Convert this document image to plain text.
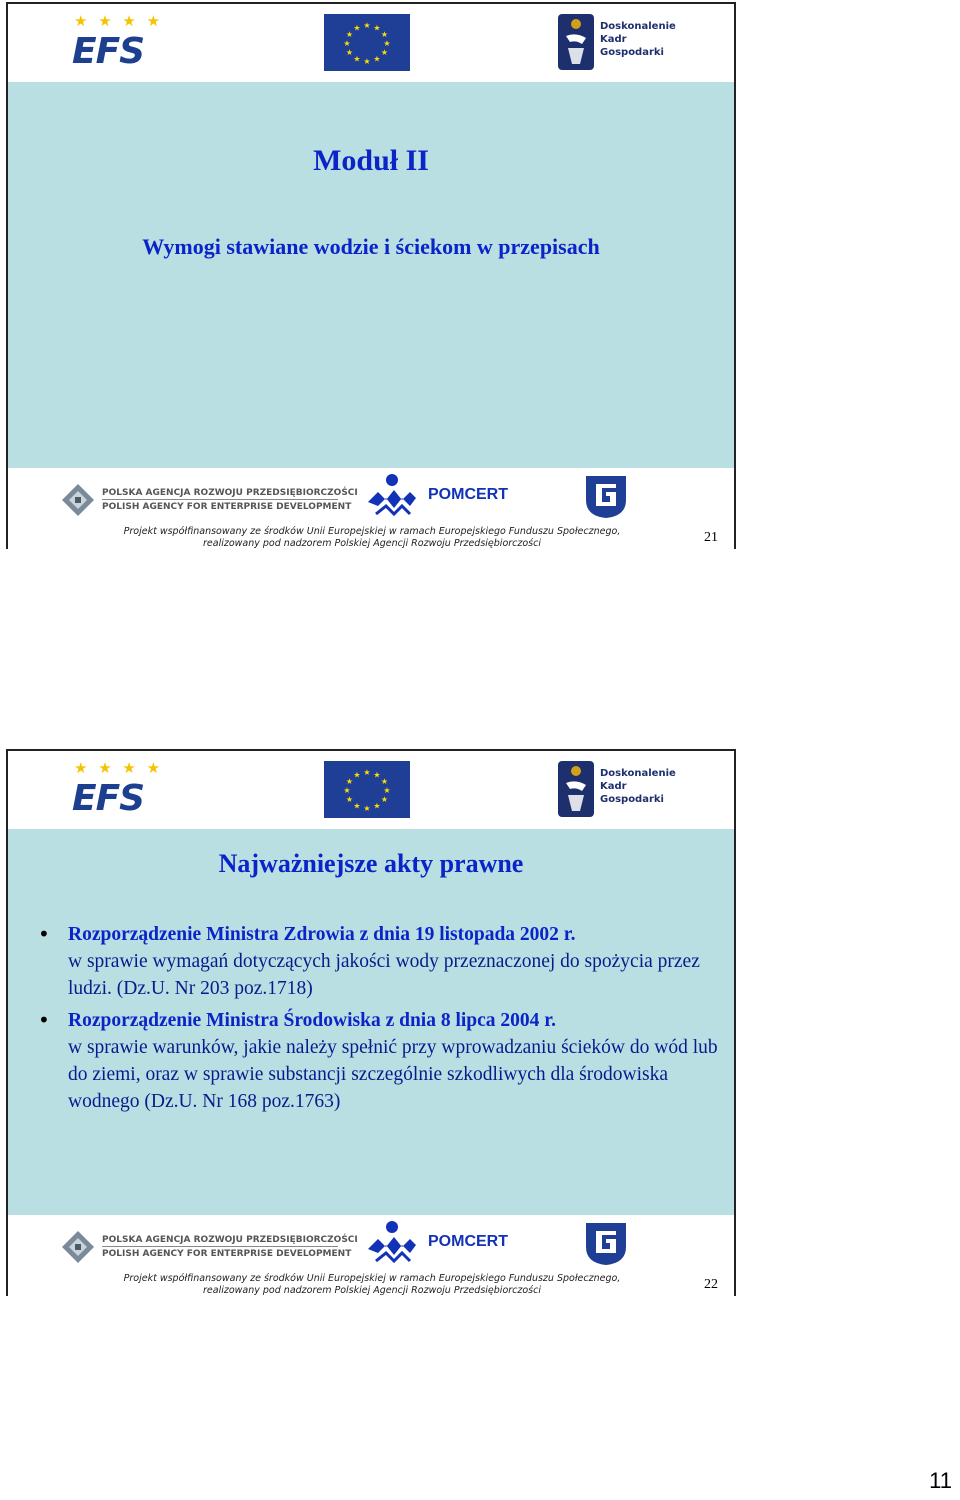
★ ★ ★ ★
EFS
★ ★
★
★
★
★
★
★
★
★
★
★	Doskonalenie
Kadr
Gospodarki
Moduł II
Wymogi stawiane wodzie i ściekom w przepisach
POLSKA AGENCJA ROZWOJU PRZEDSIĘBIORCZOŚCI
POLISH AGENCY FOR ENTERPRISE DEVELOPMENT
POMCERT
Projekt współfinansowany ze środków Unii Europejskiej w ramach Europejskiego Funduszu Społecznego,
realizowany pod nadzorem Polskiej Agencji Rozwoju Przedsiębiorczości	21
★ ★ ★ ★
EFS
★ ★
★
★
★
★
★
★
★
★
★
★	Doskonalenie
Kadr
Gospodarki
Najważniejsze akty prawne
• Rozporządzenie Ministra Zdrowia z dnia 19 listopada 2002 r.
w sprawie wymagań dotyczących jakości wody przeznaczonej do spożycia przez ludzi. (Dz.U. Nr 203 poz.1718)
• Rozporządzenie Ministra Środowiska z dnia 8 lipca 2004 r.
w sprawie warunków, jakie należy spełnić przy wprowadzaniu ścieków do wód lub do ziemi, oraz w sprawie substancji szczególnie szkodliwych dla środowiska wodnego (Dz.U. Nr 168 poz.1763)
POLSKA AGENCJA ROZWOJU PRZEDSIĘBIORCZOŚCI
POLISH AGENCY FOR ENTERPRISE DEVELOPMENT
POMCERT
Projekt współfinansowany ze środków Unii Europejskiej w ramach Europejskiego Funduszu Społecznego,
realizowany pod nadzorem Polskiej Agencji Rozwoju Przedsiębiorczości	22
11
